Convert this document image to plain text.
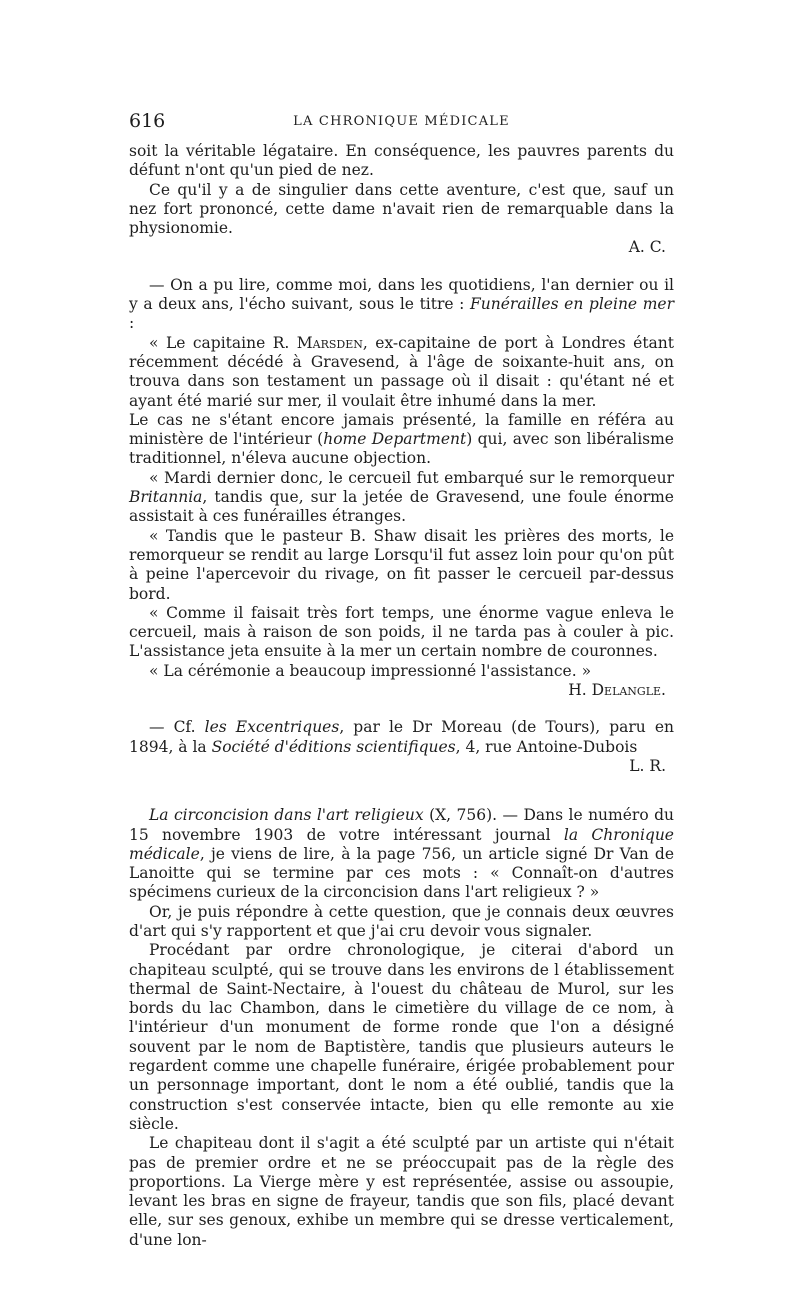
616	LA CHRONIQUE MÉDICALE

soit la véritable légataire. En conséquence, les pauvres parents du défunt n'ont qu'un pied de nez.

Ce qu'il y a de singulier dans cette aventure, c'est que, sauf un nez fort prononcé, cette dame n'avait rien de remarquable dans la physionomie.

A. C.

— On a pu lire, comme moi, dans les quotidiens, l'an dernier ou il y a deux ans, l'écho suivant, sous le titre : Funérailles en pleine mer :

« Le capitaine R. Marsden, ex-capitaine de port à Londres étant récemment décédé à Gravesend, à l'âge de soixante-huit ans, on trouva dans son testament un passage où il disait : qu'étant né et ayant été marié sur mer, il voulait être inhumé dans la mer.

Le cas ne s'étant encore jamais présenté, la famille en référa au ministère de l'intérieur (home Department) qui, avec son libéralisme traditionnel, n'éleva aucune objection.

« Mardi dernier donc, le cercueil fut embarqué sur le remorqueur Britannia, tandis que, sur la jetée de Gravesend, une foule énorme assistait à ces funérailles étranges.

« Tandis que le pasteur B. Shaw disait les prières des morts, le remorqueur se rendit au large Lorsqu'il fut assez loin pour qu'on pût à peine l'apercevoir du rivage, on fit passer le cercueil par-dessus bord.

« Comme il faisait très fort temps, une énorme vague enleva le cercueil, mais à raison de son poids, il ne tarda pas à couler à pic. L'assistance jeta ensuite à la mer un certain nombre de couronnes.

« La cérémonie a beaucoup impressionné l'assistance. »

H. Delangle.

— Cf. les Excentriques, par le Dr Moreau (de Tours), paru en 1894, à la Société d'éditions scientifiques, 4, rue Antoine-Dubois

L. R.

La circoncision dans l'art religieux (X, 756). — Dans le numéro du 15 novembre 1903 de votre intéressant journal la Chronique médicale, je viens de lire, à la page 756, un article signé Dr Van de Lanoitte qui se termine par ces mots : « Connaît-on d'autres spécimens curieux de la circoncision dans l'art religieux ? »

Or, je puis répondre à cette question, que je connais deux œuvres d'art qui s'y rapportent et que j'ai cru devoir vous signaler.

Procédant par ordre chronologique, je citerai d'abord un chapiteau sculpté, qui se trouve dans les environs de l établissement thermal de Saint-Nectaire, à l'ouest du château de Murol, sur les bords du lac Chambon, dans le cimetière du village de ce nom, à l'intérieur d'un monument de forme ronde que l'on a désigné souvent par le nom de Baptistère, tandis que plusieurs auteurs le regardent comme une chapelle funéraire, érigée probablement pour un personnage important, dont le nom a été oublié, tandis que la construction s'est conservée intacte, bien qu elle remonte au xie siècle.

Le chapiteau dont il s'agit a été sculpté par un artiste qui n'était pas de premier ordre et ne se préoccupait pas de la règle des proportions. La Vierge mère y est représentée, assise ou assoupie, levant les bras en signe de frayeur, tandis que son fils, placé devant elle, sur ses genoux, exhibe un membre qui se dresse verticalement, d'une lon-
